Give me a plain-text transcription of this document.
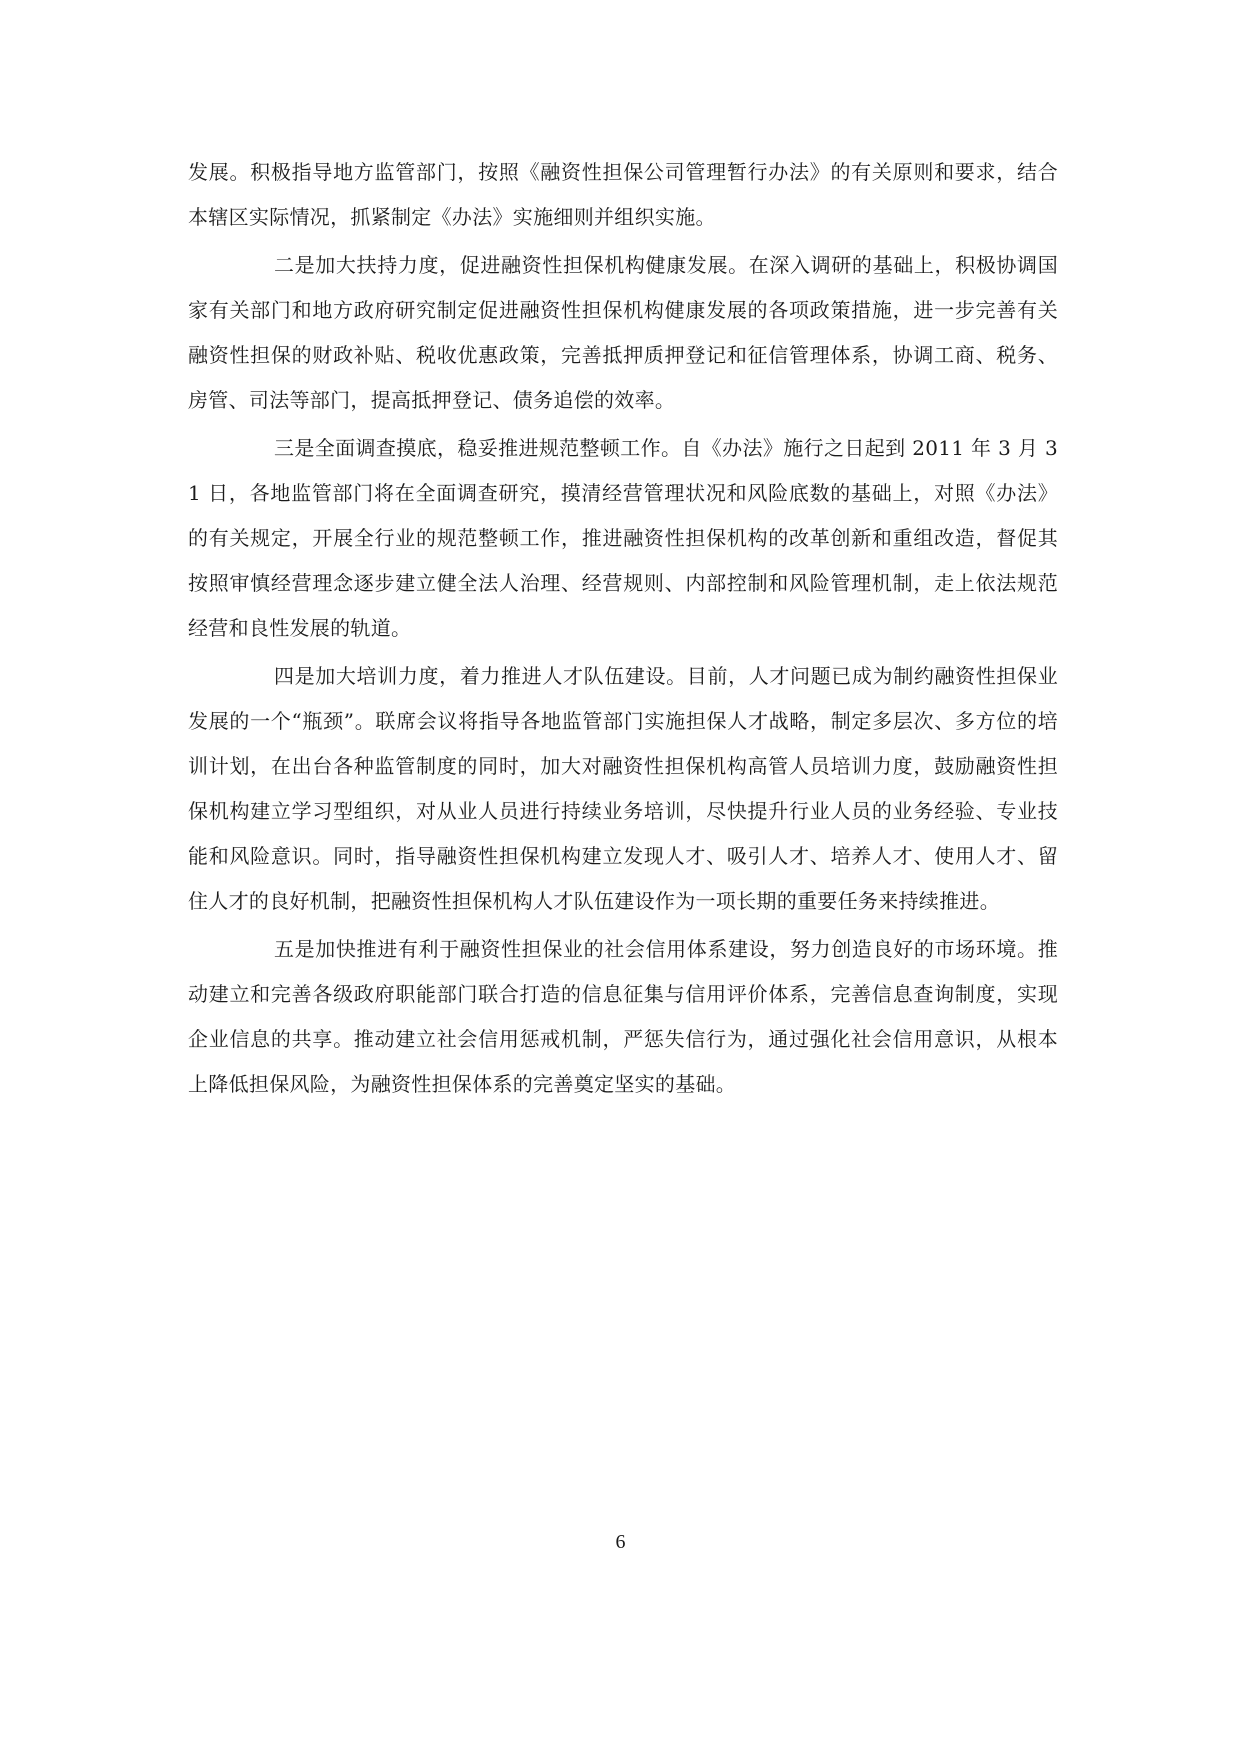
发展。积极指导地方监管部门，按照《融资性担保公司管理暂行办法》的有关原则和要求，结合本辖区实际情况，抓紧制定《办法》实施细则并组织实施。

二是加大扶持力度，促进融资性担保机构健康发展。在深入调研的基础上，积极协调国家有关部门和地方政府研究制定促进融资性担保机构健康发展的各项政策措施，进一步完善有关融资性担保的财政补贴、税收优惠政策，完善抵押质押登记和征信管理体系，协调工商、税务、房管、司法等部门，提高抵押登记、债务追偿的效率。

三是全面调查摸底，稳妥推进规范整顿工作。自《办法》施行之日起到 2011 年 3 月 31 日，各地监管部门将在全面调查研究，摸清经营管理状况和风险底数的基础上，对照《办法》的有关规定，开展全行业的规范整顿工作，推进融资性担保机构的改革创新和重组改造，督促其按照审慎经营理念逐步建立健全法人治理、经营规则、内部控制和风险管理机制，走上依法规范经营和良性发展的轨道。

四是加大培训力度，着力推进人才队伍建设。目前，人才问题已成为制约融资性担保业发展的一个“瓶颈”。联席会议将指导各地监管部门实施担保人才战略，制定多层次、多方位的培训计划，在出台各种监管制度的同时，加大对融资性担保机构高管人员培训力度，鼓励融资性担保机构建立学习型组织，对从业人员进行持续业务培训，尽快提升行业人员的业务经验、专业技能和风险意识。同时，指导融资性担保机构建立发现人才、吸引人才、培养人才、使用人才、留住人才的良好机制，把融资性担保机构人才队伍建设作为一项长期的重要任务来持续推进。

五是加快推进有利于融资性担保业的社会信用体系建设，努力创造良好的市场环境。推动建立和完善各级政府职能部门联合打造的信息征集与信用评价体系，完善信息查询制度，实现企业信息的共享。推动建立社会信用惩戒机制，严惩失信行为，通过强化社会信用意识，从根本上降低担保风险，为融资性担保体系的完善奠定坚实的基础。

6
